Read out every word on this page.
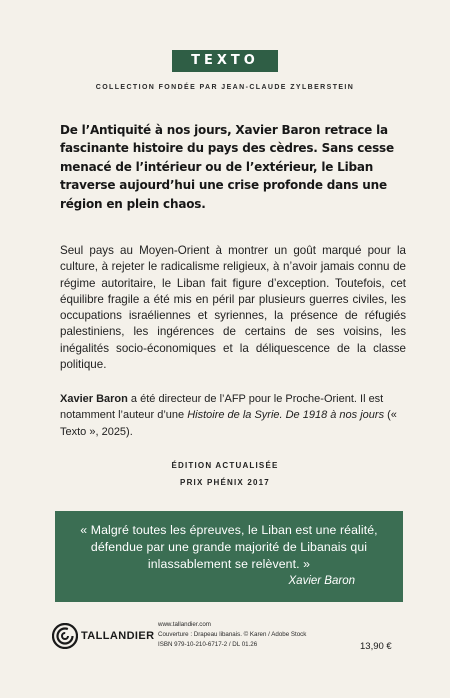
TEXTO
COLLECTION FONDÉE PAR JEAN-CLAUDE ZYLBERSTEIN

De l’Antiquité à nos jours, Xavier Baron retrace la fascinante histoire du pays des cèdres. Sans cesse menacé de l’intérieur ou de l’extérieur, le Liban traverse aujourd’hui une crise profonde dans une région en plein chaos.

Seul pays au Moyen-Orient à montrer un goût marqué pour la culture, à rejeter le radicalisme religieux, à n’avoir jamais connu de régime autoritaire, le Liban fait figure d’exception. Toutefois, cet équilibre fragile a été mis en péril par plusieurs guerres civiles, les occupations israéliennes et syriennes, la présence de réfugiés palestiniens, les ingérences de certains de ses voisins, les inégalités socio-économiques et la déliquescence de la classe politique.

Xavier Baron a été directeur de l’AFP pour le Proche-Orient. Il est notamment l’auteur d’une Histoire de la Syrie. De 1918 à nos jours (« Texto », 2025).

ÉDITION ACTUALISÉE
PRIX PHÉNIX 2017
« Malgré toutes les épreuves, le Liban est une réalité, défendue par une grande majorité de Libanais qui inlassablement se relèvent. »
Xavier Baron
TALLANDIER
www.tallandier.com
Couverture : Drapeau libanais. © Karen / Adobe Stock
ISBN 979-10-210-6717-2 / DL 01.26	13,90 €
